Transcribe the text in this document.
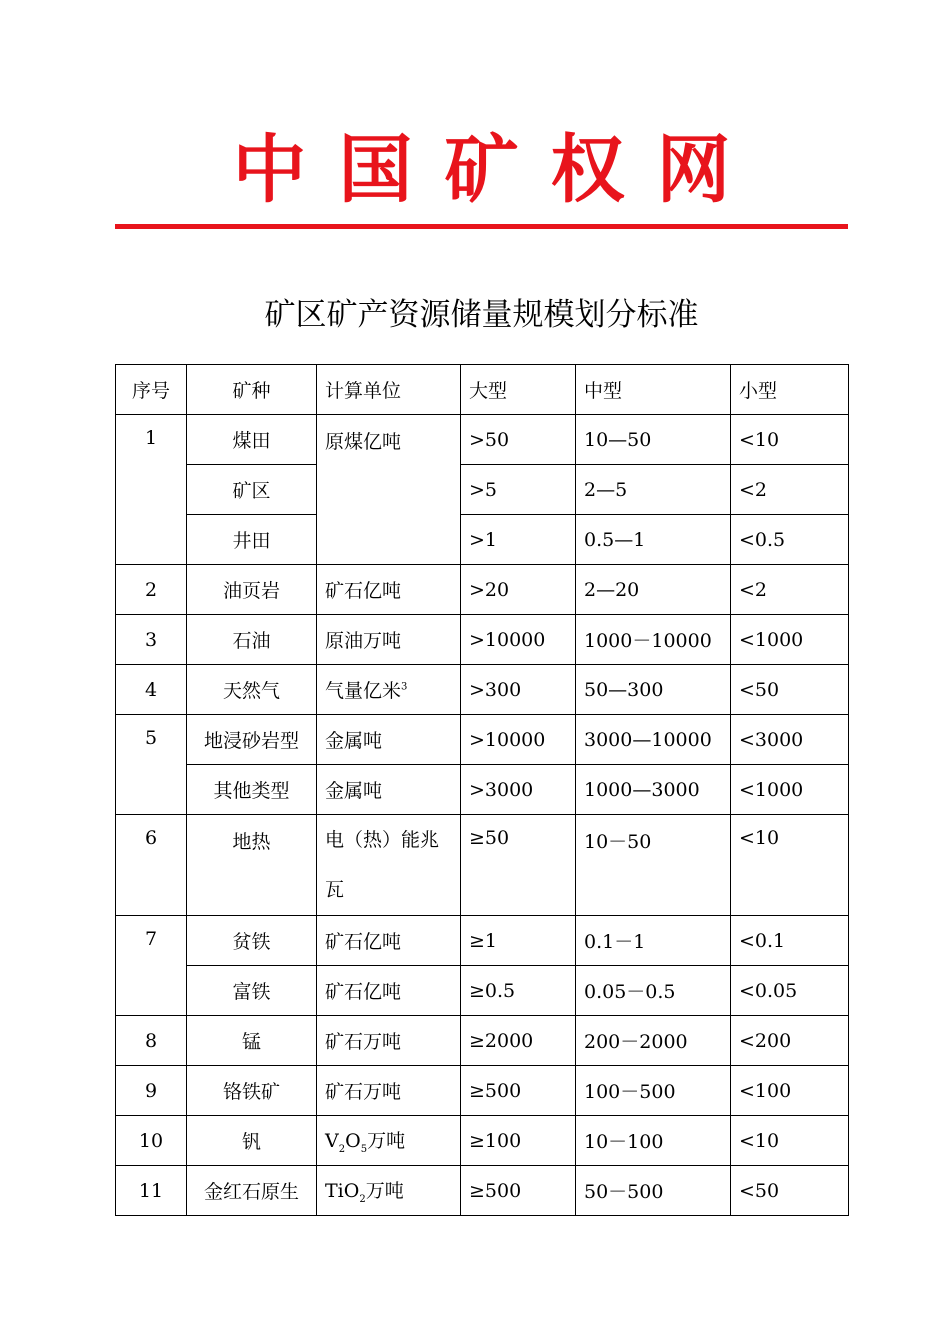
中国矿权网
矿区矿产资源储量规模划分标准
序号	矿种	计算单位	大型	中型	小型
1	煤田	原煤亿吨	>50	10—50	<10
	矿区		>5	2—5	<2
	井田		>1	0.5—1	<0.5
2	油页岩	矿石亿吨	>20	2—20	<2
3	石油	原油万吨	>10000	1000－10000	<1000
4	天然气	气量亿米$^3$	>300	50—300	<50
5	地浸砂岩型	金属吨	>10000	3000—10000	<3000
	其他类型	金属吨	>3000	1000—3000	<1000
6	地热	电（热）能兆瓦	≥50	10－50	<10
7	贫铁	矿石亿吨	≥1	0.1－1	<0.1
	富铁	矿石亿吨	≥0.5	0.05－0.5	<0.05
8	锰	矿石万吨	≥2000	200－2000	<200
9	铬铁矿	矿石万吨	≥500	100－500	<100
10	钒	$V_2O_5$万吨	≥100	10－100	<10
11	金红石原生	TiO$_2$万吨	≥500	50－500	<50
